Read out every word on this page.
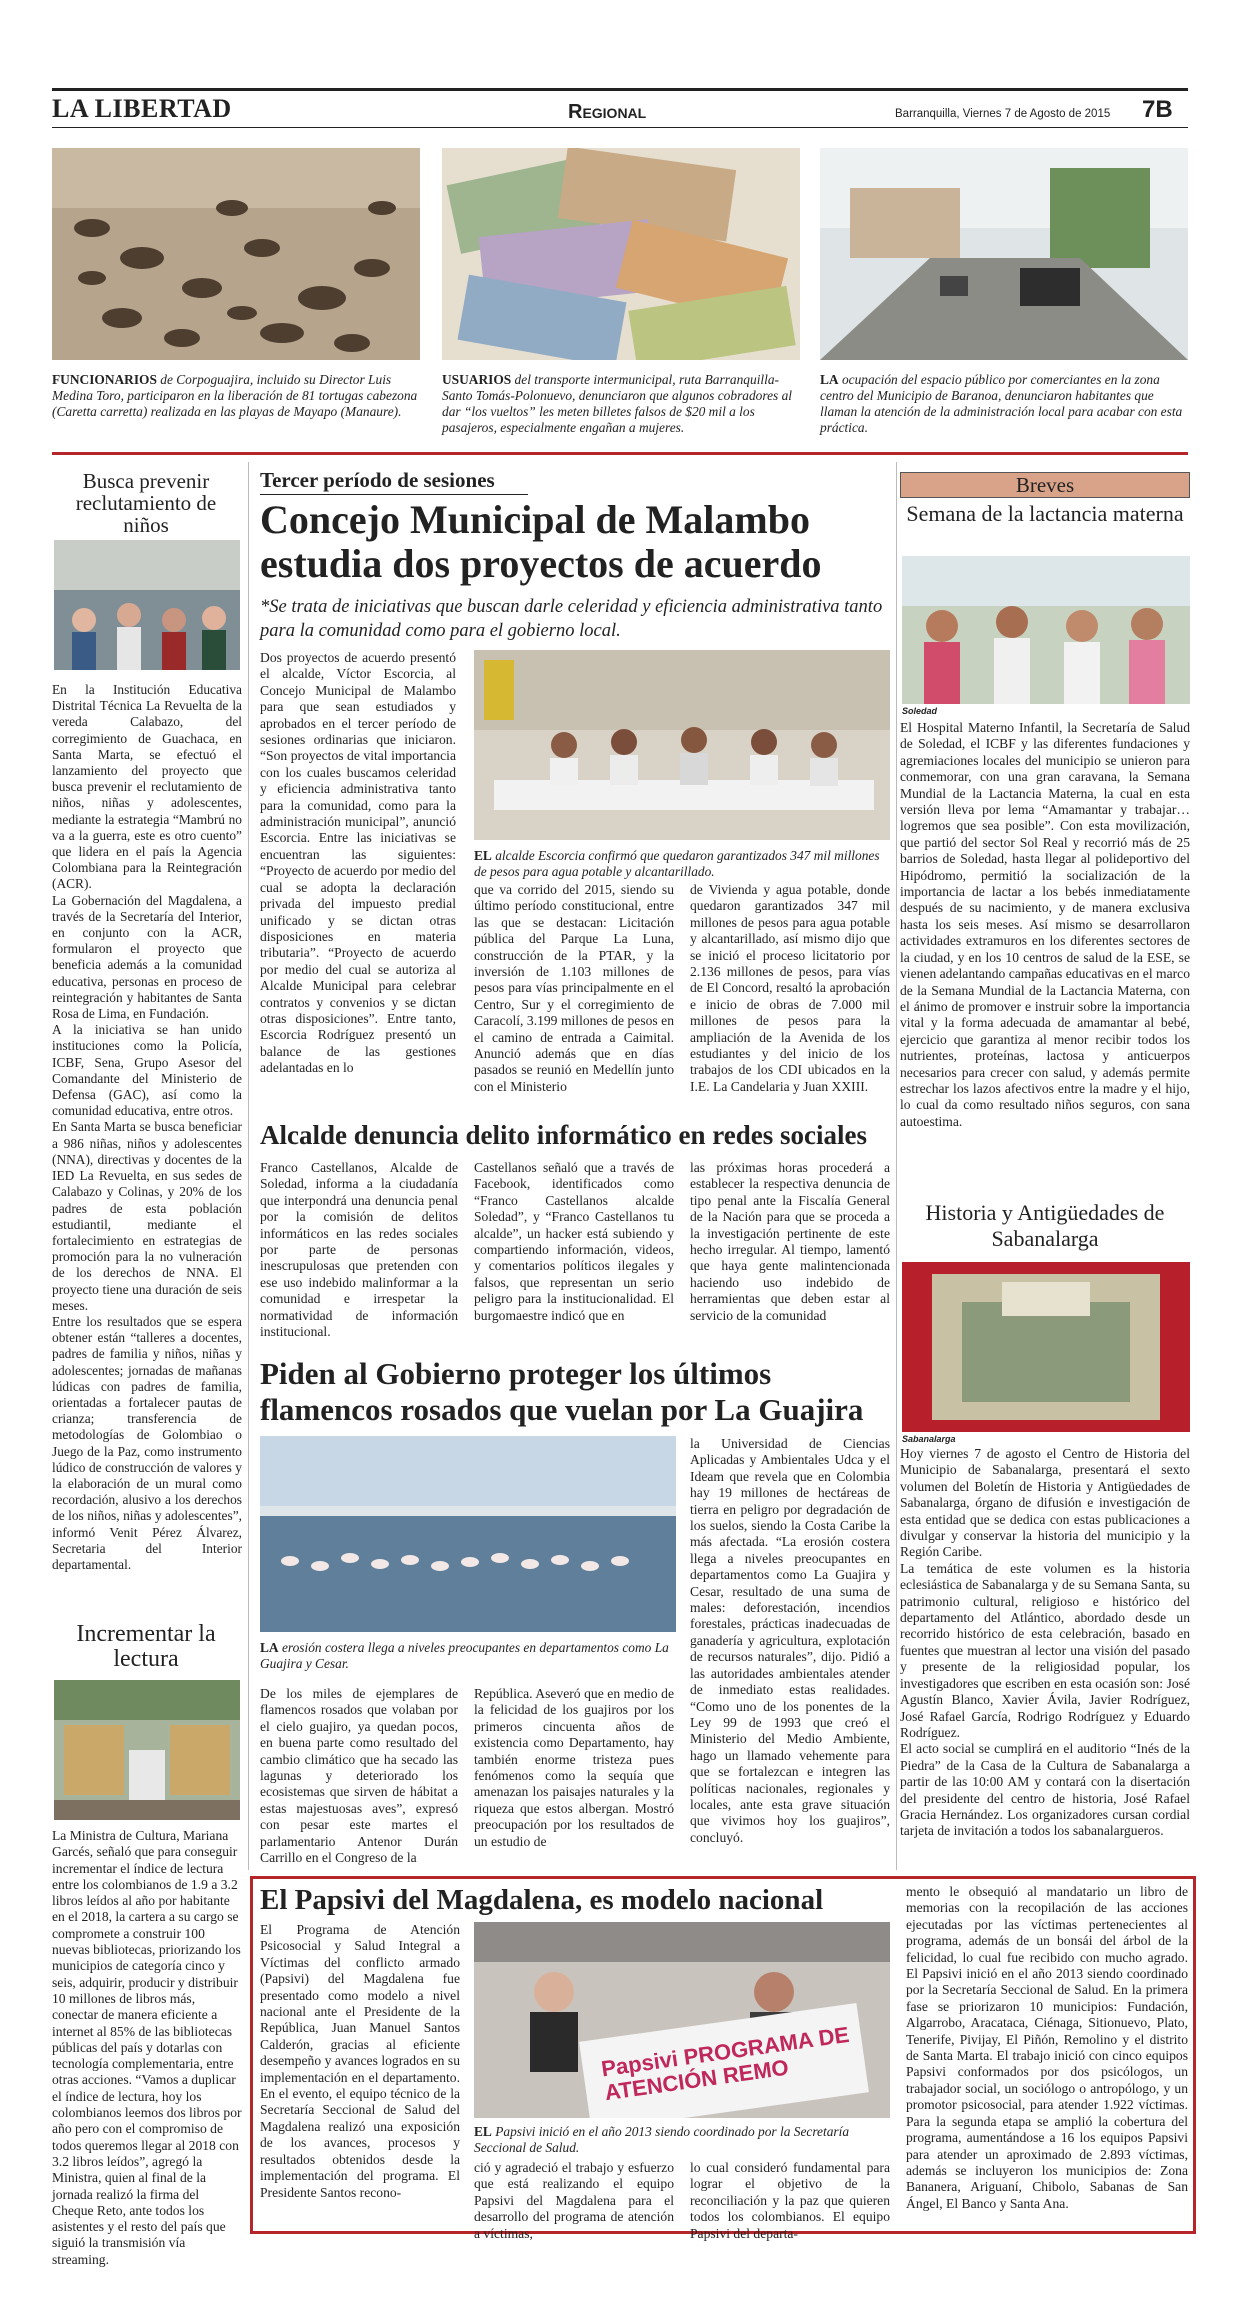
LA LIBERTAD	Regional	Barranquilla, Viernes 7 de Agosto de 2015 7B
FUNCIONARIOS de Corpoguajira, incluido su Director Luis Medina Toro, participaron en la liberación de 81 tortugas cabezona (Caretta carretta) realizada en las playas de Mayapo (Manaure).
USUARIOS del transporte intermunicipal, ruta Barranquilla-Santo Tomás-Polonuevo, denunciaron que algunos cobradores al dar “los vueltos” les meten billetes falsos de $20 mil a los pasajeros, especialmente engañan a mujeres.
LA ocupación del espacio público por comerciantes en la zona centro del Municipio de Baranoa, denunciaron habitantes que llaman la atención de la administración local para acabar con esta práctica.
Busca prevenir reclutamiento de niños

En la Institución Educativa Distrital Técnica La Revuelta de la vereda Calabazo, del corregimiento de Guachaca, en Santa Marta, se efectuó el lanzamiento del proyecto que busca prevenir el reclutamiento de niños, niñas y adolescentes, mediante la estrategia “Mambrú no va a la guerra, este es otro cuento” que lidera en el país la Agencia Colombiana para la Reintegración (ACR).

La Gobernación del Magdalena, a través de la Secretaría del Interior, en conjunto con la ACR, formularon el proyecto que beneficia además a la comunidad educativa, personas en proceso de reintegración y habitantes de Santa Rosa de Lima, en Fundación.

A la iniciativa se han unido instituciones como la Policía, ICBF, Sena, Grupo Asesor del Comandante del Ministerio de Defensa (GAC), así como la comunidad educativa, entre otros.

En Santa Marta se busca beneficiar a 986 niñas, niños y adolescentes (NNA), directivas y docentes de la IED La Revuelta, en sus sedes de Calabazo y Colinas, y 20% de los padres de esta población estudiantil, mediante el fortalecimiento en estrategias de promoción para la no vulneración de los derechos de NNA. El proyecto tiene una duración de seis meses.

Entre los resultados que se espera obtener están “talleres a docentes, padres de familia y niños, niñas y adolescentes; jornadas de mañanas lúdicas con padres de familia, orientadas a fortalecer pautas de crianza; transferencia de metodologías de Golombiao o Juego de la Paz, como instrumento lúdico de construcción de valores y la elaboración de un mural como recordación, alusivo a los derechos de los niños, niñas y adolescentes”, informó Venit Pérez Álvarez, Secretaria del Interior departamental.

Incrementar la lectura

La Ministra de Cultura, Mariana Garcés, señaló que para conseguir incrementar el índice de lectura entre los colombianos de 1.9 a 3.2 libros leídos al año por habitante en el 2018, la cartera a su cargo se compromete a construir 100 nuevas bibliotecas, priorizando los municipios de categoría cinco y seis, adquirir, producir y distribuir 10 millones de libros más, conectar de manera eficiente a internet al 85% de las bibliotecas públicas del país y dotarlas con tecnología complementaria, entre otras acciones. “Vamos a duplicar el índice de lectura, hoy los colombianos leemos dos libros por año pero con el compromiso de todos queremos llegar al 2018 con 3.2 libros leídos”, agregó la Ministra, quien al final de la jornada realizó la firma del Cheque Reto, ante todos los asistentes y el resto del país que siguió la transmisión vía streaming.

Tercer período de sesiones
Concejo Municipal de Malambo estudia dos proyectos de acuerdo
*Se trata de iniciativas que buscan darle celeridad y eficiencia administrativa tanto para la comunidad como para el gobierno local.
Dos proyectos de acuerdo presentó el alcalde, Víctor Escorcia, al Concejo Municipal de Malambo para que sean estudiados y aprobados en el tercer período de sesiones ordinarias que iniciaron. “Son proyectos de vital importancia con los cuales buscamos celeridad y eficiencia administrativa tanto para la comunidad, como para la administración municipal”, anunció Escorcia. Entre las iniciativas se encuentran las siguientes: “Proyecto de acuerdo por medio del cual se adopta la declaración privada del impuesto predial unificado y se dictan otras disposiciones en materia tributaria”. “Proyecto de acuerdo por medio del cual se autoriza al Alcalde Municipal para celebrar contratos y convenios y se dictan otras disposiciones”. Entre tanto, Escorcia Rodríguez presentó un balance de las gestiones adelantadas en lo
EL alcalde Escorcia confirmó que quedaron garantizados 347 mil millones de pesos para agua potable y alcantarillado.
que va corrido del 2015, siendo su último período constitucional, entre las que se destacan: Licitación pública del Parque La Luna, construcción de la PTAR, y la inversión de 1.103 millones de pesos para vías principalmente en el Centro, Sur y el corregimiento de Caracolí, 3.199 millones de pesos en el camino de entrada a Caimital. Anunció además que en días pasados se reunió en Medellín junto con el Ministerio
de Vivienda y agua potable, donde quedaron garantizados 347 mil millones de pesos para agua potable y alcantarillado, así mismo dijo que se inició el proceso licitatorio por 2.136 millones de pesos, para vías de El Concord, resaltó la aprobación e inicio de obras de 7.000 mil millones de pesos para la ampliación de la Avenida de los estudiantes y del inicio de los trabajos de los CDI ubicados en la I.E. La Candelaria y Juan XXIII.
Alcalde denuncia delito informático en redes sociales
Franco Castellanos, Alcalde de Soledad, informa a la ciudadanía que interpondrá una denuncia penal por la comisión de delitos informáticos en las redes sociales por parte de personas inescrupulosas que pretenden con ese uso indebido malinformar a la comunidad e irrespetar la normatividad de información institucional.
Castellanos señaló que a través de Facebook, identificados como “Franco Castellanos alcalde Soledad”, y “Franco Castellanos tu alcalde”, un hacker está subiendo y compartiendo información, videos, y comentarios políticos ilegales y falsos, que representan un serio peligro para la institucionalidad. El burgomaestre indicó que en
las próximas horas procederá a establecer la respectiva denuncia de tipo penal ante la Fiscalía General de la Nación para que se proceda a la investigación pertinente de este hecho irregular. Al tiempo, lamentó que haya gente malintencionada haciendo uso indebido de herramientas que deben estar al servicio de la comunidad
Piden al Gobierno proteger los últimos flamencos rosados que vuelan por La Guajira
LA erosión costera llega a niveles preocupantes en departamentos como La Guajira y Cesar.
De los miles de ejemplares de flamencos rosados que volaban por el cielo guajiro, ya quedan pocos, en buena parte como resultado del cambio climático que ha secado las lagunas y deteriorado los ecosistemas que sirven de hábitat a estas majestuosas aves”, expresó con pesar este martes el parlamentario Antenor Durán Carrillo en el Congreso de la
República. Aseveró que en medio de la felicidad de los guajiros por los primeros cincuenta años de existencia como Departamento, hay también enorme tristeza pues fenómenos como la sequía que amenazan los paisajes naturales y la riqueza que estos albergan. Mostró preocupación por los resultados de un estudio de
la Universidad de Ciencias Aplicadas y Ambientales Udca y el Ideam que revela que en Colombia hay 19 millones de hectáreas de tierra en peligro por degradación de los suelos, siendo la Costa Caribe la más afectada. “La erosión costera llega a niveles preocupantes en departamentos como La Guajira y Cesar, resultado de una suma de males: deforestación, incendios forestales, prácticas inadecuadas de ganadería y agricultura, explotación de recursos naturales”, dijo. Pidió a las autoridades ambientales atender de inmediato estas realidades. “Como uno de los ponentes de la Ley 99 de 1993 que creó el Ministerio del Medio Ambiente, hago un llamado vehemente para que se fortalezcan e integren las políticas nacionales, regionales y locales, ante esta grave situación que vivimos hoy los guajiros”, concluyó.
Breves
Semana de la lactancia materna
Soledad
El Hospital Materno Infantil, la Secretaría de Salud de Soledad, el ICBF y las diferentes fundaciones y agremiaciones locales del municipio se unieron para conmemorar, con una gran caravana, la Semana Mundial de la Lactancia Materna, la cual en esta versión lleva por lema “Amamantar y trabajar…logremos que sea posible”. Con esta movilización, que partió del sector Sol Real y recorrió más de 25 barrios de Soledad, hasta llegar al polideportivo del Hipódromo, permitió la socialización de la importancia de lactar a los bebés inmediatamente después de su nacimiento, y de manera exclusiva hasta los seis meses. Así mismo se desarrollaron actividades extramuros en los diferentes sectores de la ciudad, y en los 10 centros de salud de la ESE, se vienen adelantando campañas educativas en el marco de la Semana Mundial de la Lactancia Materna, con el ánimo de promover e instruir sobre la importancia vital y la forma adecuada de amamantar al bebé, ejercicio que garantiza al menor recibir todos los nutrientes, proteínas, lactosa y anticuerpos necesarios para crecer con salud, y además permite estrechar los lazos afectivos entre la madre y el hijo, lo cual da como resultado niños seguros, con sana autoestima.
Historia y Antigüedades de Sabanalarga
Sabanalarga

Hoy viernes 7 de agosto el Centro de Historia del Municipio de Sabanalarga, presentará el sexto volumen del Boletín de Historia y Antigüedades de Sabanalarga, órgano de difusión e investigación de esta entidad que se dedica con estas publicaciones a divulgar y conservar la historia del municipio y la Región Caribe.

La temática de este volumen es la historia eclesiástica de Sabanalarga y de su Semana Santa, su patrimonio cultural, religioso e histórico del departamento del Atlántico, abordado desde un recorrido histórico de esta celebración, basado en fuentes que muestran al lector una visión del pasado y presente de la religiosidad popular, los investigadores que escriben en esta ocasión son: José Agustín Blanco, Xavier Ávila, Javier Rodríguez, José Rafael García, Rodrigo Rodríguez y Eduardo Rodríguez.

El acto social se cumplirá en el auditorio “Inés de la Piedra” de la Casa de la Cultura de Sabanalarga a partir de las 10:00 AM y contará con la disertación del presidente del centro de historia, José Rafael Gracia Hernández. Los organizadores cursan cordial tarjeta de invitación a todos los sabanalargueros.

El Papsivi del Magdalena, es modelo nacional
El Programa de Atención Psicosocial y Salud Integral a Víctimas del conflicto armado (Papsivi) del Magdalena fue presentado como modelo a nivel nacional ante el Presidente de la República, Juan Manuel Santos Calderón, gracias al eficiente desempeño y avances logrados en su implementación en el departamento. En el evento, el equipo técnico de la Secretaría Seccional de Salud del Magdalena realizó una exposición de los avances, procesos y resultados obtenidos desde la implementación del programa. El Presidente Santos recono-
Papsivi PROGRAMA DE ATENCIÓN REMO
EL Papsivi inició en el año 2013 siendo coordinado por la Secretaría Seccional de Salud.
ció y agradeció el trabajo y esfuerzo que está realizando el equipo Papsivi del Magdalena para el desarrollo del programa de atención a víctimas,
lo cual consideró fundamental para lograr el objetivo de la reconciliación y la paz que quieren todos los colombianos. El equipo Papsivi del departa-
mento le obsequió al mandatario un libro de memorias con la recopilación de las acciones ejecutadas por las víctimas pertenecientes al programa, además de un bonsái del árbol de la felicidad, lo cual fue recibido con mucho agrado. El Papsivi inició en el año 2013 siendo coordinado por la Secretaría Seccional de Salud. En la primera fase se priorizaron 10 municipios: Fundación, Algarrobo, Aracataca, Ciénaga, Sitionuevo, Plato, Tenerife, Pivijay, El Piñón, Remolino y el distrito de Santa Marta. El trabajo inició con cinco equipos Papsivi conformados por dos psicólogos, un trabajador social, un sociólogo o antropólogo, y un promotor psicosocial, para atender 1.922 víctimas. Para la segunda etapa se amplió la cobertura del programa, aumentándose a 16 los equipos Papsivi para atender un aproximado de 2.893 víctimas, además se incluyeron los municipios de: Zona Bananera, Ariguaní, Chibolo, Sabanas de San Ángel, El Banco y Santa Ana.
